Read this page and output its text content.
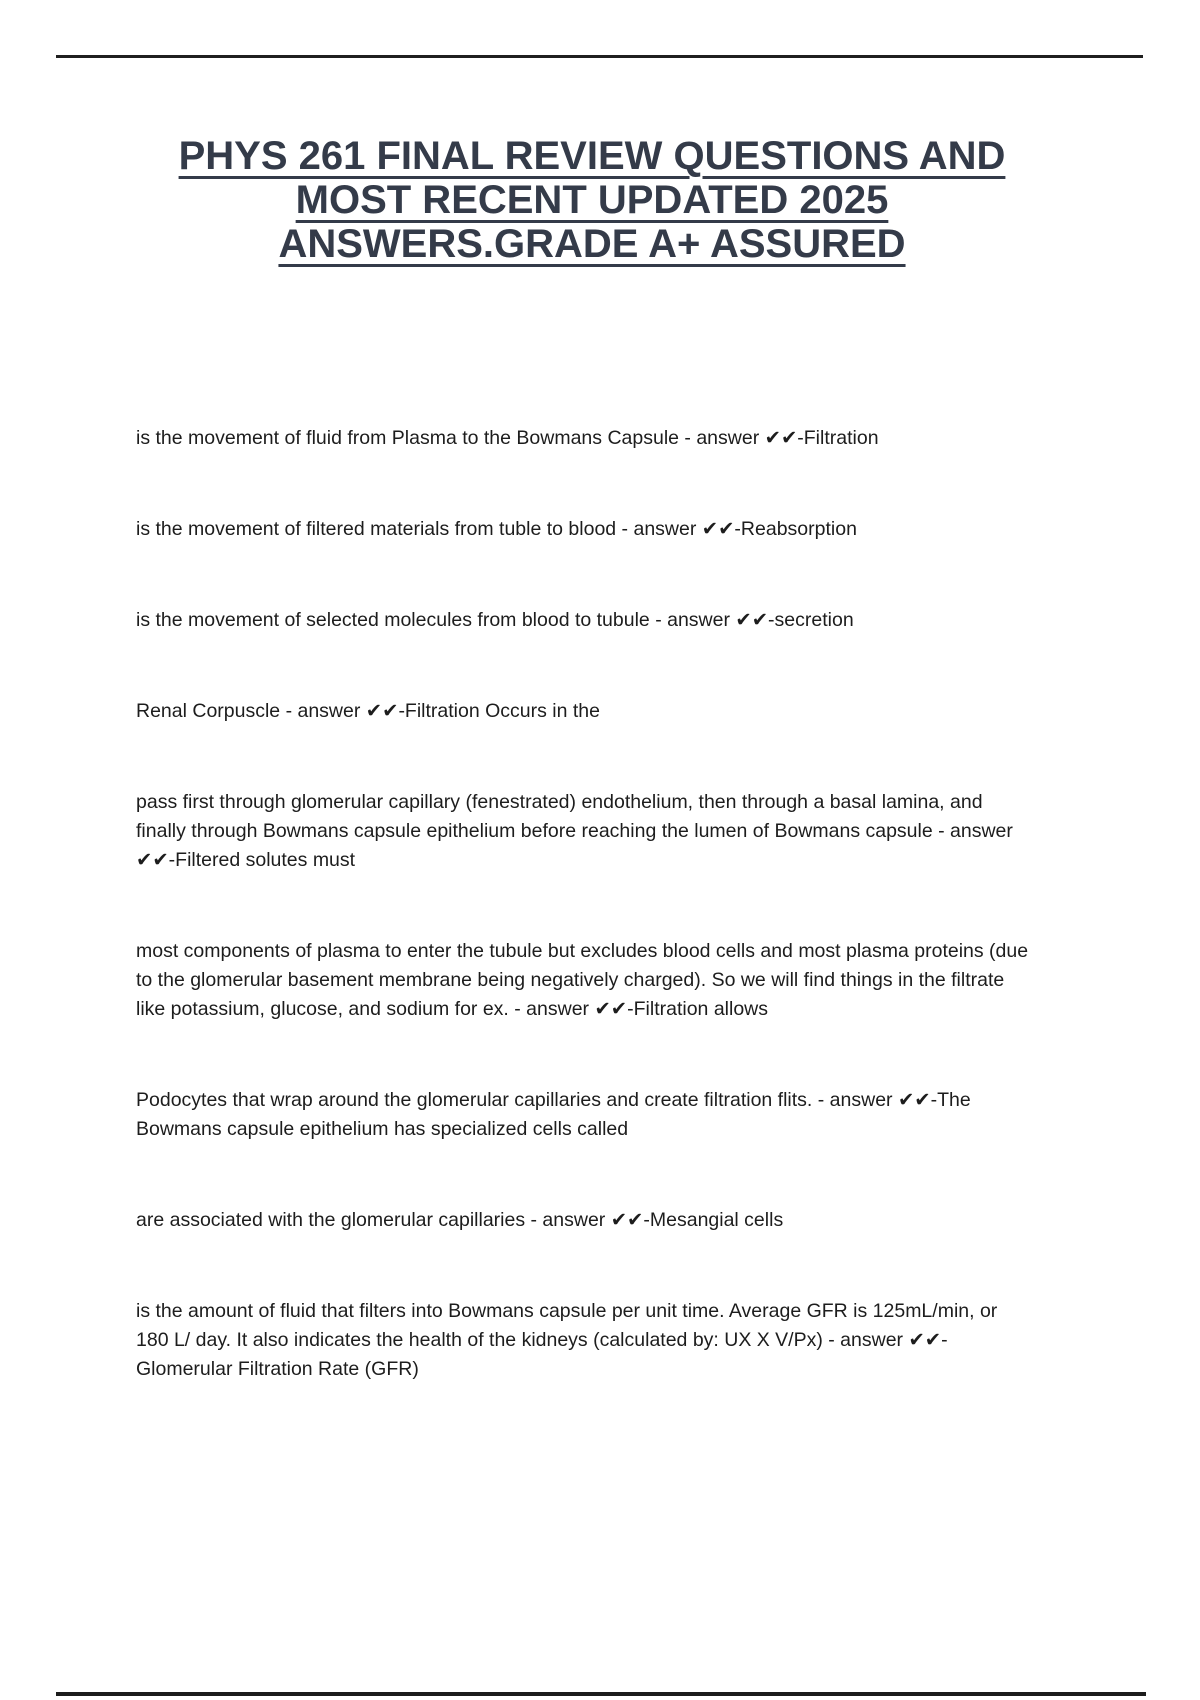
PHYS 261 FINAL REVIEW QUESTIONS AND
MOST RECENT UPDATED 2025
ANSWERS.GRADE A+ ASSURED

is the movement of fluid from Plasma to the Bowmans Capsule - answer ✔✔-Filtration

is the movement of filtered materials from tuble to blood - answer ✔✔-Reabsorption

is the movement of selected molecules from blood to tubule - answer ✔✔-secretion

Renal Corpuscle - answer ✔✔-Filtration Occurs in the

pass first through glomerular capillary (fenestrated) endothelium, then through a basal lamina, and finally through Bowmans capsule epithelium before reaching the lumen of Bowmans capsule - answer ✔✔-Filtered solutes must

most components of plasma to enter the tubule but excludes blood cells and most plasma proteins (due to the glomerular basement membrane being negatively charged). So we will find things in the filtrate like potassium, glucose, and sodium for ex. - answer ✔✔-Filtration allows

Podocytes that wrap around the glomerular capillaries and create filtration flits. - answer ✔✔-The Bowmans capsule epithelium has specialized cells called

are associated with the glomerular capillaries - answer ✔✔-Mesangial cells

is the amount of fluid that filters into Bowmans capsule per unit time. Average GFR is 125mL/min, or 180 L/ day. It also indicates the health of the kidneys (calculated by: UX X V/Px) - answer ✔✔-Glomerular Filtration Rate (GFR)
